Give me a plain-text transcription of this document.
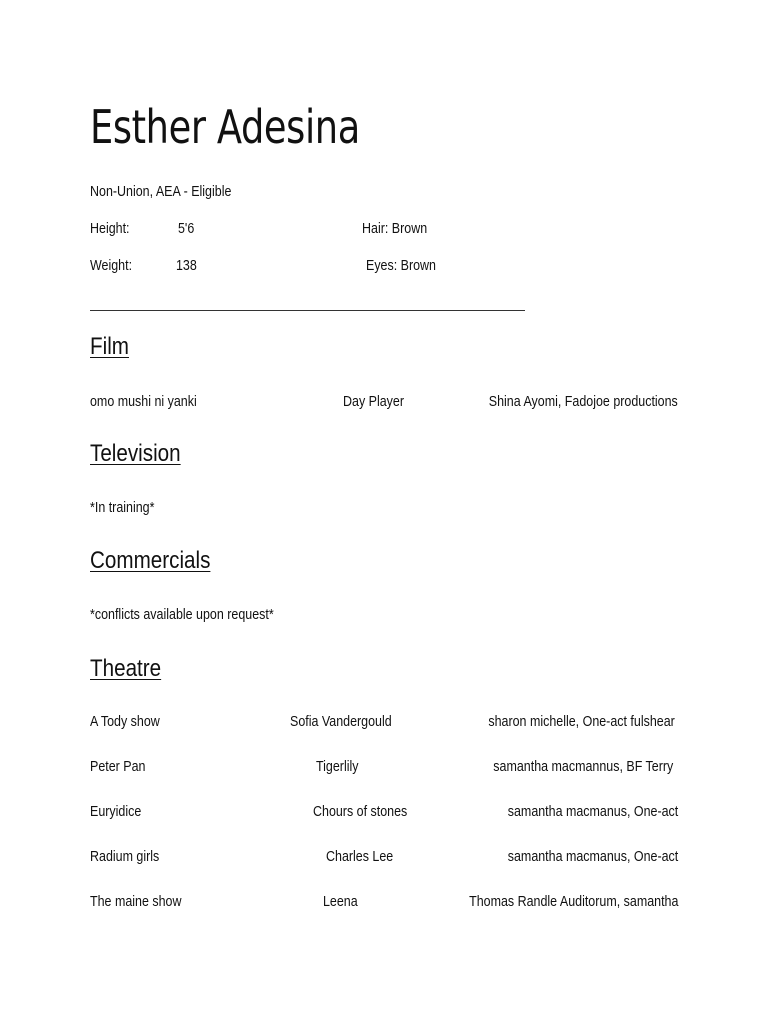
Esther Adesina
Non-Union, AEA - Eligible
Height:	5'6	Hair: Brown
Weight:	138	Eyes: Brown
Film
omo mushi ni yanki	Day Player	Shina Ayomi, Fadojoe productions
Television
*In training*
Commercials
*conflicts available upon request*
Theatre
A Tody show	Sofia Vandergould	sharon michelle, One-act fulshear
Peter Pan	Tigerlily	samantha macmannus, BF Terry
Euryidice	Chours of stones	samantha macmanus, One-act
Radium girls	Charles Lee	samantha macmanus, One-act
The maine show	Leena	Thomas Randle Auditorum, samantha
